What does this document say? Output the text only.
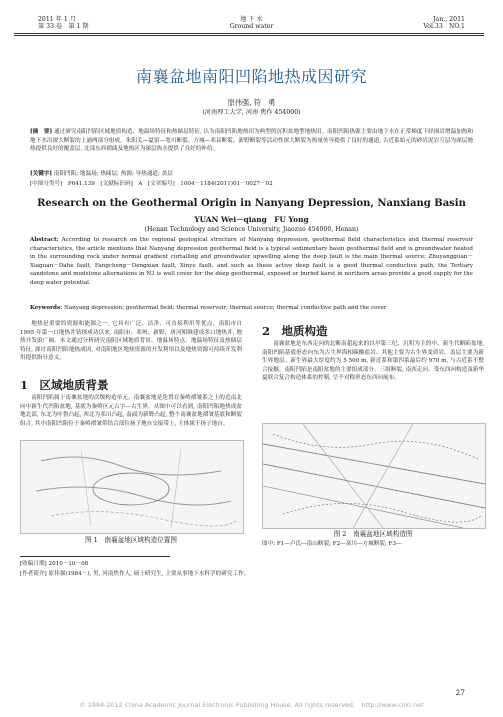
2011 年 1 月
第 33 卷　第 1 期
地 下 水
Ground water
Jan., 2011
Vol.33　NO.1
南襄盆地南阳凹陷地热成因研究
原伟强, 符　勇
(河南理工大学, 河南 焦作 454000)
[摘　要] 通过研究南阳凹陷区域地质构造、地温场特征和热储层特征, 认为南阳凹陷地热田为典型的沉积盆地型地热田。南阳凹陷热源主要由地下水在正常梯度下经围岩增温加热和地下水沿深大断裂的上涌两部分组成。朱阳关—夏馆—宽川断裂、方城—邓县断裂、新野断裂等活动性深大断裂为热量传导提供了良好的通道, 古近系始元的砂岩泥岩互层为深层地热提供良好的覆盖层, 北部东西褶曲及地热区为深层热水提供了良好的补给。
[关键字] 南阳凹陷; 地温场; 热储层; 热源; 导热通道; 盖层
[中图分类号]　P641.139　[文献标识码]　A　[文章编号]　1004－1184(2011)01－0027－02
Research on the Geothermal Origin in Nanyang Depression, Nanxiang Basin
YUAN Wei－qiang　FU Yong
(Henan Technology and Science University, Jiaozuo 454000, Henan)
Abstract: According to research on the regional geological structure of Nanyang depression, geothermal field characteristics and thermal reservoir characteristics, the article mentions that Nanyang depression geothermal field is a typical sedimentary basin geothermal field and is groundwater heated in the surrounding rock under normal gradient curtailing and groundwater upwelling along the deep fault is the main thermal source; Zhuyangguan－Xiaguan－Dahe fault, Fangcheng－Dengxian fault, Xinye fault, and such as these active deep fault is a good thermal conductive path, the Tertiary sandstone and mudstone alternations in N3 is well cover for the deep geothermal, exposed or buried karst in northern areas provide a good supply for the deep water potential.
Keywords: Nanyang depression; geothermal field; thermal reservoir; thermal source; thermal conductive path and the cover
地热是重要的资源和能源之一, 它具有广泛、洁净、可直接利用等优点。南阳市自 1995 年第一口地热井钻探成功以来, 南阳市、邓州、新野、唐河相继建成多口地热井, 地热开发蔚广阔。本文通过分析研究南阳区域地质背景、地温场特点、地温场特征及热储层特征, 探讨南阳凹陷地热成因, 对南阳地区地热资源的开发利用以及地热资源可持续开发利用提供指导意义。
1　区域地质背景
南阳凹陷属于南襄盆地的次级构造单元。南襄盆地是迭置在秦岭褶皱系之上的近南北向中新生代凹陷盆地, 基底为秦岭区元古字—古生界。从图中可以看到, 南阳凹陷地热成盆地北部, 东北为叶鲁凸起, 西北为邓川凸起, 南面为新野凸起, 整个南襄盆地褶皱基底和断裂组合, 其中南阳凹陷位于秦岭褶皱带结合部位扬子地台交接带上, 主体属于扬子地台。
图 1　南襄盆地区域构造位置图
2　地质构造
南襄盆地是东西走向的北断南超起来的以早第三纪、沉积为主的中、新生代断陷盆地, 南阳凹陷基底形态向东为古生界海相碳酸盐岩、其他主要为古生界变质岩。盖层主要为新生界地层。新生界最大厚度约为 5 500 m, 新近系和第四系最后约 970 m, 与古近系不整合接触。南阳凹陷是南阳盆地的主要组成部分。三组断裂, 南西走向、受东西向构造及新华夏联合复合构造体系的控制, 呈不对称形态东西向展布。
图 2　南襄盆地区域构造图
图中: F1—卢氏—南山断裂; F2—栾川—方城断裂; F3—
[收稿日期] 2010－10－08
[作者简介] 原伟强(1984－), 男, 河南焦作人, 硕士研究生, 主要从事地下水科学的研究工作。
27
© 1994-2012 China Academic Journal Electronic Publishing House. All rights reserved.　http://www.cnki.net
